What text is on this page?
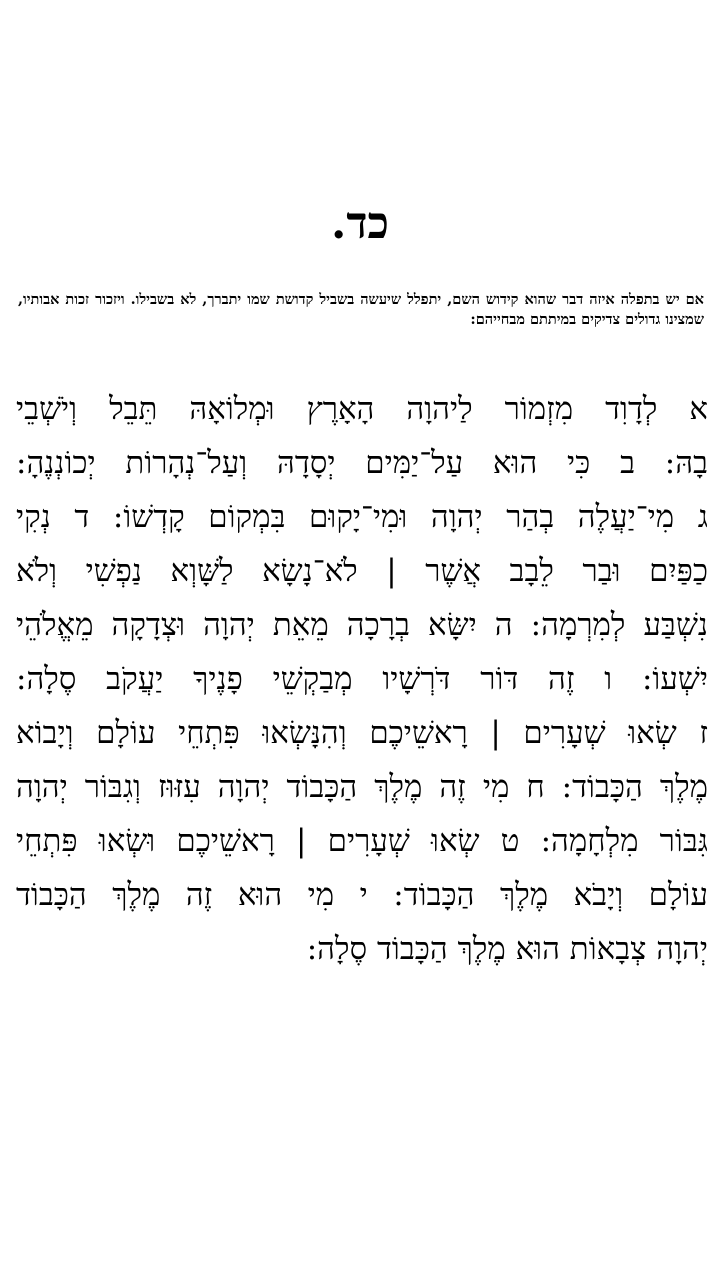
כד.
אם יש בתפלה איזה דבר שהוא קידוש השם, יתפלל שיעשה בשביל קדושת שמו יתברך, לא בשבילו. ויזכור זכות אבותיו, שמצינו גדולים צדיקים במיתתם מבחייהם:
א לְדָוִד מִזְמוֹר לַיהוָה הָאָרֶץ וּמְלוֹאָהּ תֵּבֵל וְיֹשְׁבֵי
בָהּ: ב כִּי הוּא עַל־יַמִּים יְסָדָהּ וְעַל־נְהָרוֹת יְכוֹנְנֶהָ:
ג מִי־יַעֲלֶה בְהַר יְהוָה וּמִי־יָקוּם בִּמְקוֹם קָדְשׁוֹ: ד נְקִי
כַפַּיִם וּבַר לֵבָב אֲשֶׁר | לֹא־נָשָׂא לַשָּׁוְא נַפְשִׁי וְלֹא
נִשְׁבַּע לְמִרְמָה: ה יִשָּׂא בְרָכָה מֵאֵת יְהוָה וּצְדָקָה מֵאֱלֹהֵי
יִשְׁעוֹ: ו זֶה דּוֹר דֹּרְשָׁיו מְבַקְשֵׁי פָנֶיךָ יַעֲקֹב סֶלָה:
ז שְׂאוּ שְׁעָרִים | רָאשֵׁיכֶם וְהִנָּשְׂאוּ פִּתְחֵי עוֹלָם וְיָבוֹא
מֶלֶךְ הַכָּבוֹד: ח מִי זֶה מֶלֶךְ הַכָּבוֹד יְהוָה עִזּוּז וְגִבּוֹר יְהוָה
גִּבּוֹר מִלְחָמָה: ט שְׂאוּ שְׁעָרִים | רָאשֵׁיכֶם וּשְׂאוּ פִּתְחֵי
עוֹלָם וְיָבֹא מֶלֶךְ הַכָּבוֹד: י מִי הוּא זֶה מֶלֶךְ הַכָּבוֹד
יְהוָה צְבָאוֹת הוּא מֶלֶךְ הַכָּבוֹד סֶלָה:
